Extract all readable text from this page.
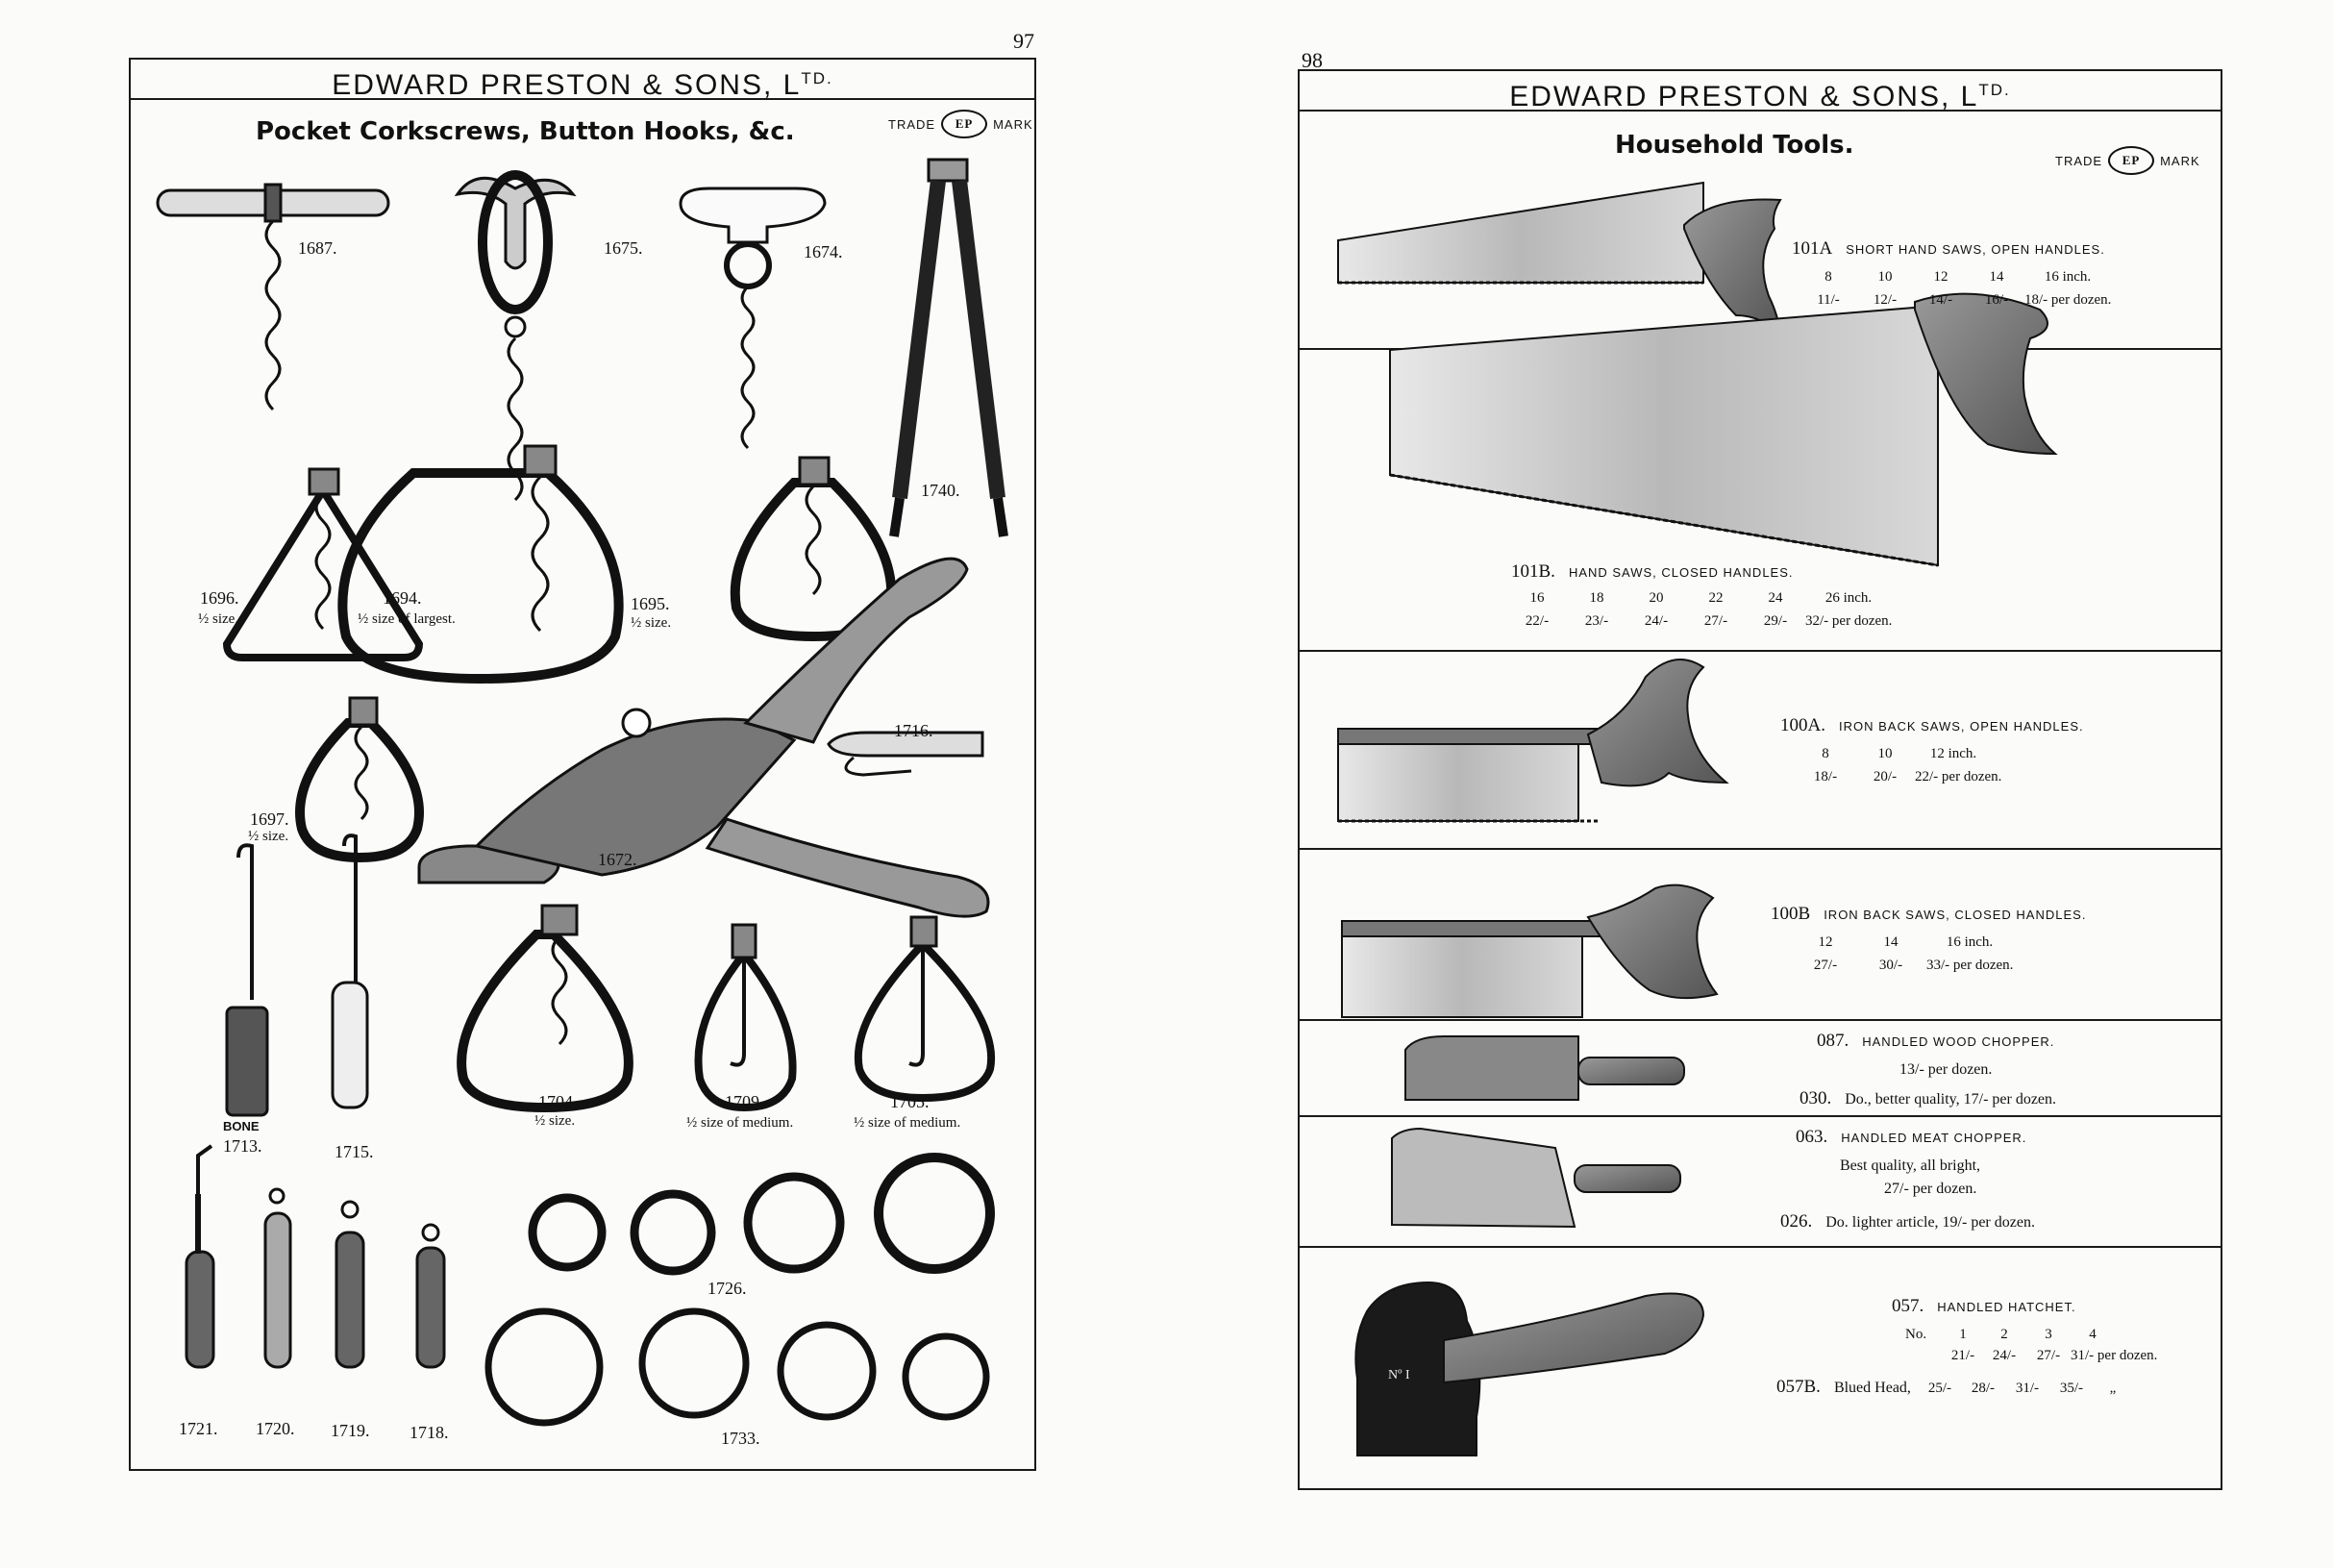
97
EDWARD PRESTON & SONS, $L^{TD.}$
Pocket Corkscrews, Button Hooks, &c.	TRADE	EP	MARK
1687.	1675.	1674.
1740.
1696.
½ size.
1694.
½ size of largest.
1695.
½ size.
1716.
1697.
½ size.
1672.
BONE
1713.	1715.
1704.
½ size.
1709.
½ size of medium.
1705.
½ size of medium.
1726.
1721. 1720. 1719. 1718.	1733.
98
EDWARD PRESTON & SONS, $L^{TD.}$
Household Tools.
TRADE	EP	MARK
Nº I
101A SHORT HAND SAWS, OPEN HANDLES.
8	10	12	14	16 inch.
11/- 12/- 14/- 16/- 18/- per dozen.
101B. HAND SAWS, CLOSED HANDLES.
16	18	20	22	24	26 inch.
22/-	23/-	24/-	27/-	29/- 32/- per dozen.
100A. IRON BACK SAWS, OPEN HANDLES.
8	10	12 inch.
18/-	20/- 22/- per dozen.
100B IRON BACK SAWS, CLOSED HANDLES.
12	14	16 inch.
27/-	30/- 33/- per dozen.
087. HANDLED WOOD CHOPPER.
13/- per dozen.
030. Do., better quality, 17/- per dozen.
063. HANDLED MEAT CHOPPER.
Best quality, all bright,
27/- per dozen.
026. Do. lighter article, 19/- per dozen.
057. HANDLED HATCHET.
No. 1 2	3	4
21/- 24/- 27/- 31/- per dozen.
057B. Blued Head, 25/- 28/- 31/- 35/- „
